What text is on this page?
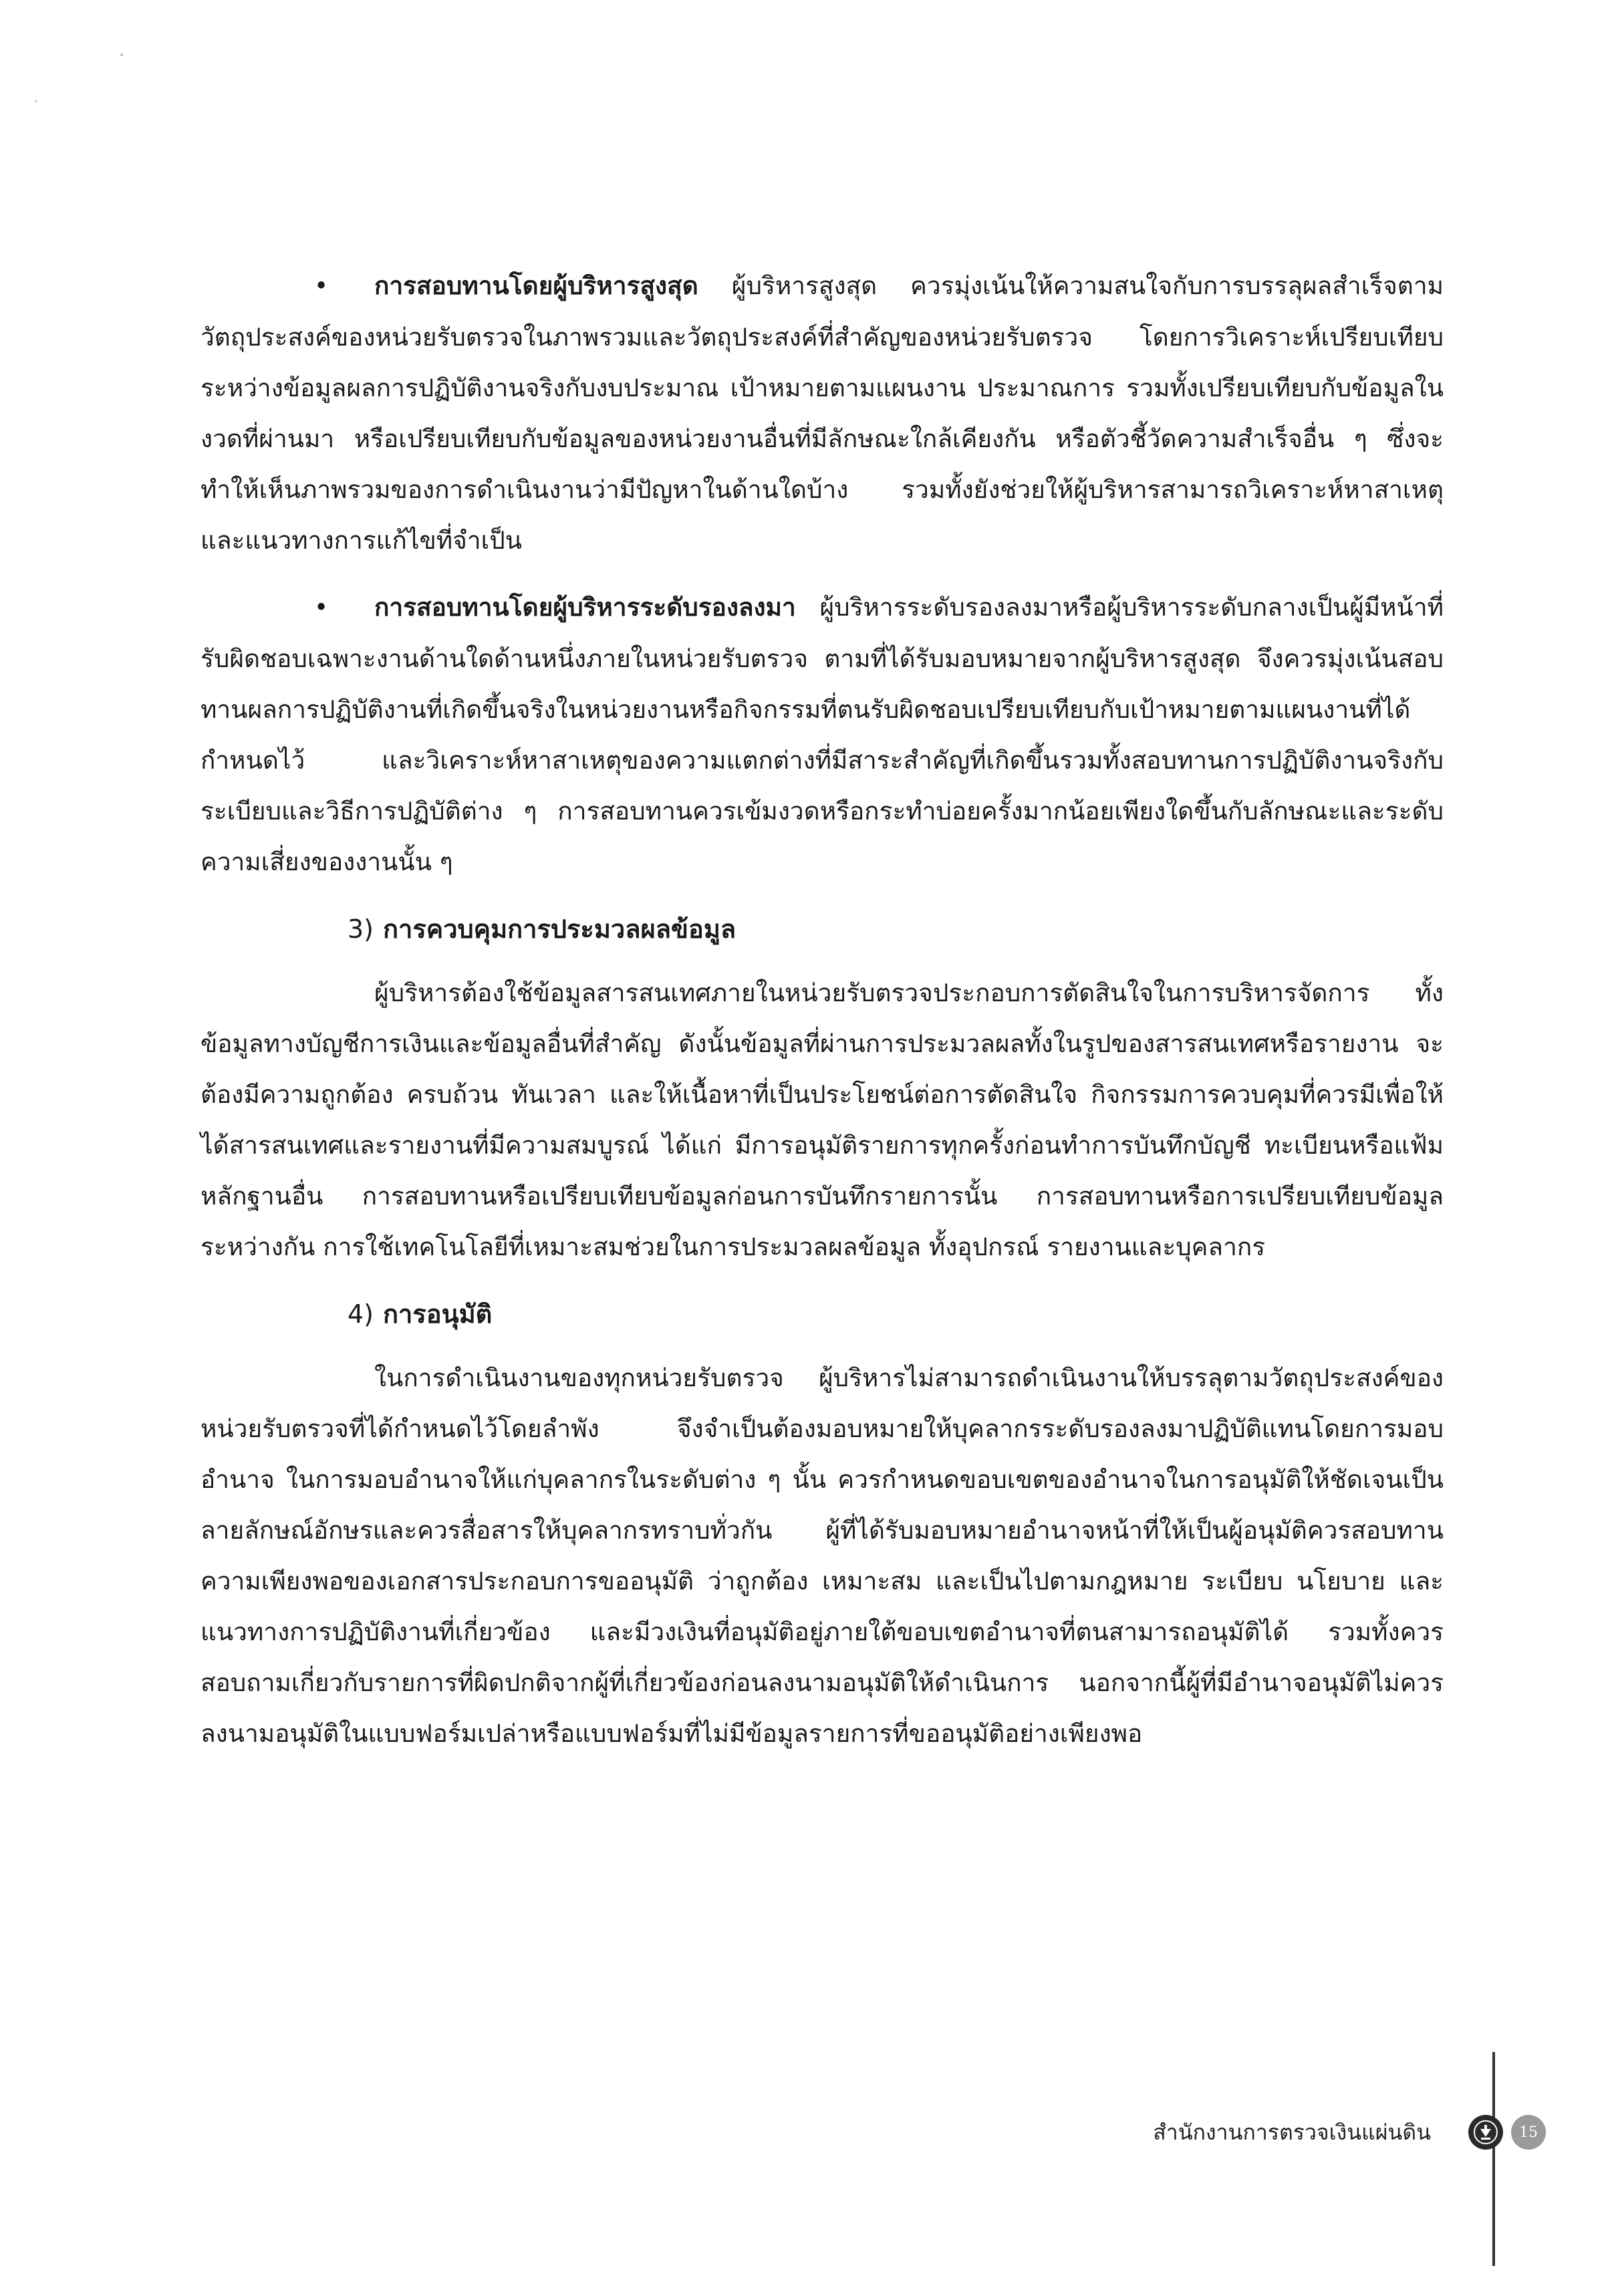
• การสอบทานโดยผู้บริหารสูงสุด ผู้บริหารสูงสุด ควรมุ่งเน้นให้ความสนใจกับการบรรลุผลสำเร็จตามวัตถุประสงค์ของหน่วยรับตรวจในภาพรวมและวัตถุประสงค์ที่สำคัญของหน่วยรับตรวจ โดยการวิเคราะห์เปรียบเทียบระหว่างข้อมูลผลการปฏิบัติงานจริงกับงบประมาณ เป้าหมายตามแผนงาน ประมาณการ รวมทั้งเปรียบเทียบกับข้อมูลในงวดที่ผ่านมา หรือเปรียบเทียบกับข้อมูลของหน่วยงานอื่นที่มีลักษณะใกล้เคียงกัน หรือตัวชี้วัดความสำเร็จอื่น ๆ ซึ่งจะทำให้เห็นภาพรวมของการดำเนินงานว่ามีปัญหาในด้านใดบ้าง รวมทั้งยังช่วยให้ผู้บริหารสามารถวิเคราะห์หาสาเหตุ และแนวทางการแก้ไขที่จำเป็น

• การสอบทานโดยผู้บริหารระดับรองลงมา ผู้บริหารระดับรองลงมาหรือผู้บริหารระดับกลางเป็นผู้มีหน้าที่รับผิดชอบเฉพาะงานด้านใดด้านหนึ่งภายในหน่วยรับตรวจ ตามที่ได้รับมอบหมายจากผู้บริหารสูงสุด จึงควรมุ่งเน้นสอบทานผลการปฏิบัติงานที่เกิดขึ้นจริงในหน่วยงานหรือกิจกรรมที่ตนรับผิดชอบเปรียบเทียบกับเป้าหมายตามแผนงานที่ได้กำหนดไว้ และวิเคราะห์หาสาเหตุของความแตกต่างที่มีสาระสำคัญที่เกิดขึ้นรวมทั้งสอบทานการปฏิบัติงานจริงกับระเบียบและวิธีการปฏิบัติต่าง ๆ การสอบทานควรเข้มงวดหรือกระทำบ่อยครั้งมากน้อยเพียงใดขึ้นกับลักษณะและระดับความเสี่ยงของงานนั้น ๆ

3) การควบคุมการประมวลผลข้อมูล

ผู้บริหารต้องใช้ข้อมูลสารสนเทศภายในหน่วยรับตรวจประกอบการตัดสินใจในการบริหารจัดการ ทั้งข้อมูลทางบัญชีการเงินและข้อมูลอื่นที่สำคัญ ดังนั้นข้อมูลที่ผ่านการประมวลผลทั้งในรูปของสารสนเทศหรือรายงาน จะต้องมีความถูกต้อง ครบถ้วน ทันเวลา และให้เนื้อหาที่เป็นประโยชน์ต่อการตัดสินใจ กิจกรรมการควบคุมที่ควรมีเพื่อให้ได้สารสนเทศและรายงานที่มีความสมบูรณ์ ได้แก่ มีการอนุมัติรายการทุกครั้งก่อนทำการบันทึกบัญชี ทะเบียนหรือแฟ้มหลักฐานอื่น การสอบทานหรือเปรียบเทียบข้อมูลก่อนการบันทึกรายการนั้น การสอบทานหรือการเปรียบเทียบข้อมูลระหว่างกัน การใช้เทคโนโลยีที่เหมาะสมช่วยในการประมวลผลข้อมูล ทั้งอุปกรณ์ รายงานและบุคลากร

4) การอนุมัติ

ในการดำเนินงานของทุกหน่วยรับตรวจ ผู้บริหารไม่สามารถดำเนินงานให้บรรลุตามวัตถุประสงค์ของหน่วยรับตรวจที่ได้กำหนดไว้โดยลำพัง จึงจำเป็นต้องมอบหมายให้บุคลากรระดับรองลงมาปฏิบัติแทนโดยการมอบอำนาจ ในการมอบอำนาจให้แก่บุคลากรในระดับต่าง ๆ นั้น ควรกำหนดขอบเขตของอำนาจในการอนุมัติให้ชัดเจนเป็นลายลักษณ์อักษรและควรสื่อสารให้บุคลากรทราบทั่วกัน ผู้ที่ได้รับมอบหมายอำนาจหน้าที่ให้เป็นผู้อนุมัติควรสอบทานความเพียงพอของเอกสารประกอบการขออนุมัติ ว่าถูกต้อง เหมาะสม และเป็นไปตามกฎหมาย ระเบียบ นโยบาย และแนวทางการปฏิบัติงานที่เกี่ยวข้อง และมีวงเงินที่อนุมัติอยู่ภายใต้ขอบเขตอำนาจที่ตนสามารถอนุมัติได้ รวมทั้งควรสอบถามเกี่ยวกับรายการที่ผิดปกติจากผู้ที่เกี่ยวข้องก่อนลงนามอนุมัติให้ดำเนินการ นอกจากนี้ผู้ที่มีอำนาจอนุมัติไม่ควรลงนามอนุมัติในแบบฟอร์มเปล่าหรือแบบฟอร์มที่ไม่มีข้อมูลรายการที่ขออนุมัติอย่างเพียงพอ

สำนักงานการตรวจเงินแผ่นดิน	15
